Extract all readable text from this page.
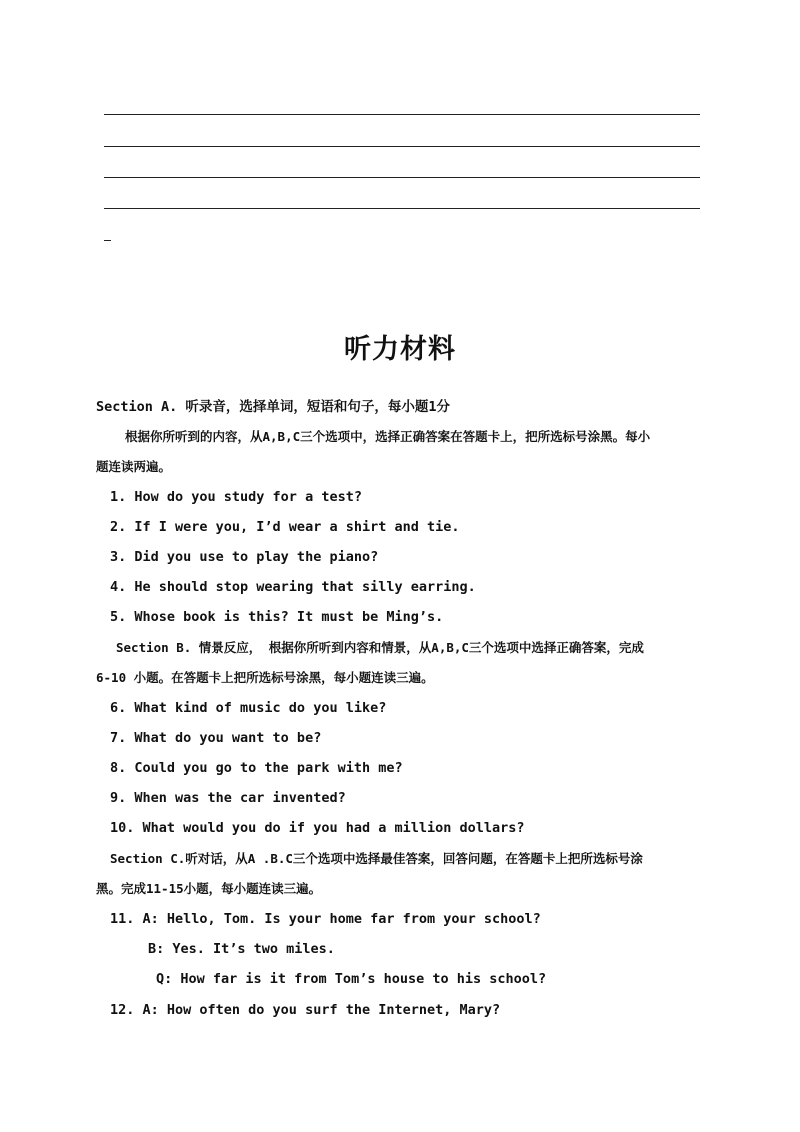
听力材料
Section A. 听录音，选择单词，短语和句子，每小题1分
根据你所听到的内容，从A,B,C三个选项中，选择正确答案在答题卡上，把所选标号涂黑。每小
题连读两遍。
1. How do you study for a test?
2. If I were you, I’d wear a shirt and tie.
3. Did you use to play the piano?
4. He should stop wearing that silly earring.
5. Whose book is this? It must be Ming’s.
Section B. 情景反应， 根据你所听到内容和情景，从A,B,C三个选项中选择正确答案，完成
6-10 小题。在答题卡上把所选标号涂黑，每小题连读三遍。
6. What kind of music do you like?
7. What do you want to be?
8. Could you go to the park with me?
9. When was the car invented?
10. What would you do if you had a million dollars?
Section C.听对话，从A .B.C三个选项中选择最佳答案，回答问题，在答题卡上把所选标号涂
黑。完成11-15小题，每小题连读三遍。
11. A: Hello, Tom. Is your home far from your school?
B: Yes. It’s two miles.
Q: How far is it from Tom’s house to his school?
12. A: How often do you surf the Internet, Mary?
